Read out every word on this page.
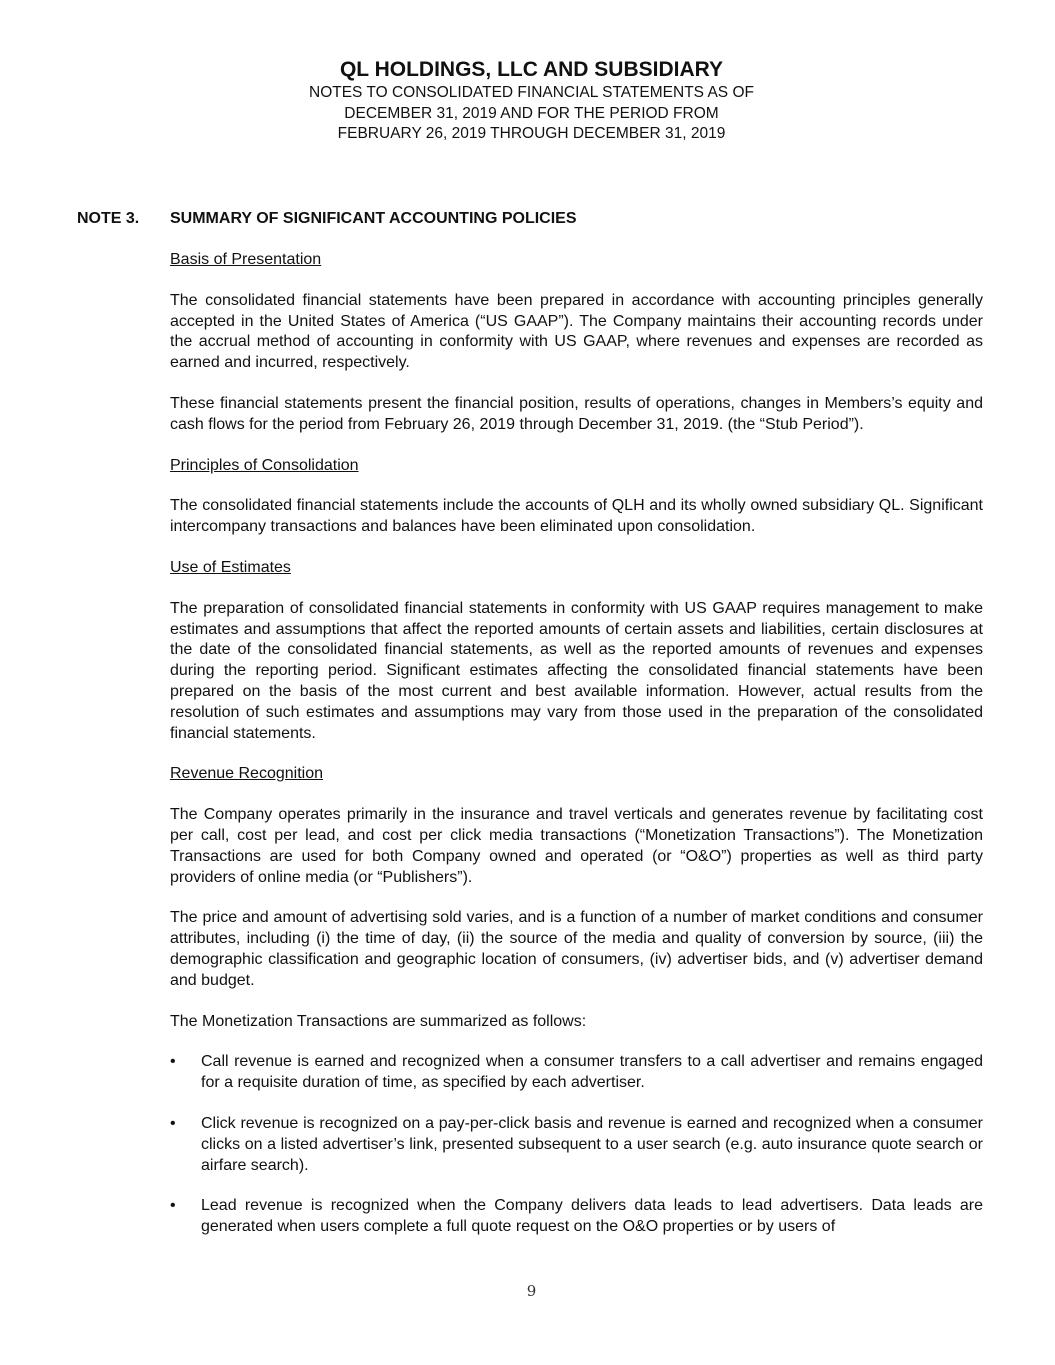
QL HOLDINGS, LLC AND SUBSIDIARY
NOTES TO CONSOLIDATED FINANCIAL STATEMENTS AS OF
DECEMBER 31, 2019 AND FOR THE PERIOD FROM
FEBRUARY 26, 2019 THROUGH DECEMBER 31, 2019
NOTE 3. SUMMARY OF SIGNIFICANT ACCOUNTING POLICIES
Basis of Presentation

The consolidated financial statements have been prepared in accordance with accounting principles generally accepted in the United States of America (“US GAAP”). The Company maintains their accounting records under the accrual method of accounting in conformity with US GAAP, where revenues and expenses are recorded as earned and incurred, respectively.

These financial statements present the financial position, results of operations, changes in Members’s equity and cash flows for the period from February 26, 2019 through December 31, 2019. (the “Stub Period”).

Principles of Consolidation

The consolidated financial statements include the accounts of QLH and its wholly owned subsidiary QL. Significant intercompany transactions and balances have been eliminated upon consolidation.

Use of Estimates

The preparation of consolidated financial statements in conformity with US GAAP requires management to make estimates and assumptions that affect the reported amounts of certain assets and liabilities, certain disclosures at the date of the consolidated financial statements, as well as the reported amounts of revenues and expenses during the reporting period. Significant estimates affecting the consolidated financial statements have been prepared on the basis of the most current and best available information. However, actual results from the resolution of such estimates and assumptions may vary from those used in the preparation of the consolidated financial statements.

Revenue Recognition

The Company operates primarily in the insurance and travel verticals and generates revenue by facilitating cost per call, cost per lead, and cost per click media transactions (“Monetization Transactions”). The Monetization Transactions are used for both Company owned and operated (or “O&O”) properties as well as third party providers of online media (or “Publishers”).

The price and amount of advertising sold varies, and is a function of a number of market conditions and consumer attributes, including (i) the time of day, (ii) the source of the media and quality of conversion by source, (iii) the demographic classification and geographic location of consumers, (iv) advertiser bids, and (v) advertiser demand and budget.

The Monetization Transactions are summarized as follows:

• Call revenue is earned and recognized when a consumer transfers to a call advertiser and remains engaged for a requisite duration of time, as specified by each advertiser.
• Click revenue is recognized on a pay-per-click basis and revenue is earned and recognized when a consumer clicks on a listed advertiser’s link, presented subsequent to a user search (e.g. auto insurance quote search or airfare search).
• Lead revenue is recognized when the Company delivers data leads to lead advertisers. Data leads are generated when users complete a full quote request on the O&O properties or by users of
9
